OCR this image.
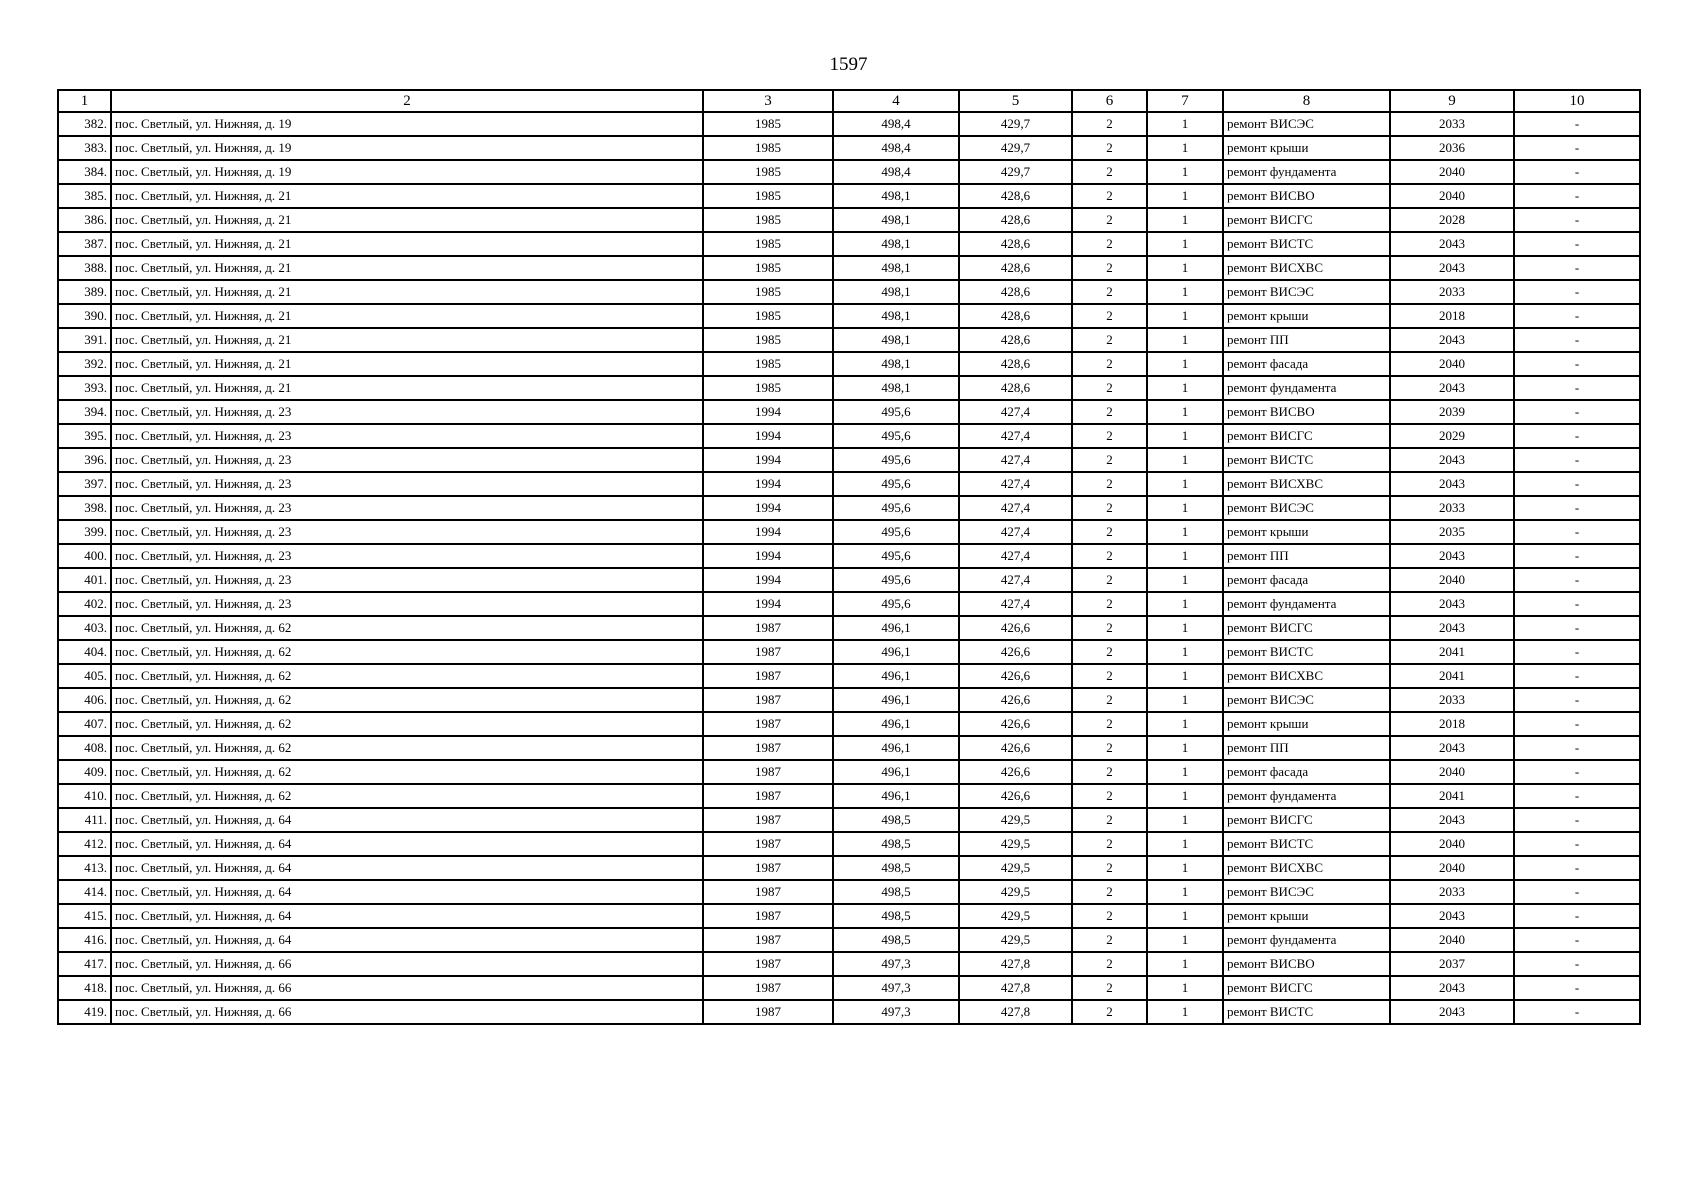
1597
1	2	3	4	5	6	7	8	9	10
382.	пос. Светлый, ул. Нижняя, д. 19	1985	498,4	429,7	2	1	ремонт ВИСЭС	2033	-
383.	пос. Светлый, ул. Нижняя, д. 19	1985	498,4	429,7	2	1	ремонт крыши	2036	-
384.	пос. Светлый, ул. Нижняя, д. 19	1985	498,4	429,7	2	1	ремонт фундамента	2040	-
385.	пос. Светлый, ул. Нижняя, д. 21	1985	498,1	428,6	2	1	ремонт ВИСВО	2040	-
386.	пос. Светлый, ул. Нижняя, д. 21	1985	498,1	428,6	2	1	ремонт ВИСГС	2028	-
387.	пос. Светлый, ул. Нижняя, д. 21	1985	498,1	428,6	2	1	ремонт ВИСТС	2043	-
388.	пос. Светлый, ул. Нижняя, д. 21	1985	498,1	428,6	2	1	ремонт ВИСХВС	2043	-
389.	пос. Светлый, ул. Нижняя, д. 21	1985	498,1	428,6	2	1	ремонт ВИСЭС	2033	-
390.	пос. Светлый, ул. Нижняя, д. 21	1985	498,1	428,6	2	1	ремонт крыши	2018	-
391.	пос. Светлый, ул. Нижняя, д. 21	1985	498,1	428,6	2	1	ремонт ПП	2043	-
392.	пос. Светлый, ул. Нижняя, д. 21	1985	498,1	428,6	2	1	ремонт фасада	2040	-
393.	пос. Светлый, ул. Нижняя, д. 21	1985	498,1	428,6	2	1	ремонт фундамента	2043	-
394.	пос. Светлый, ул. Нижняя, д. 23	1994	495,6	427,4	2	1	ремонт ВИСВО	2039	-
395.	пос. Светлый, ул. Нижняя, д. 23	1994	495,6	427,4	2	1	ремонт ВИСГС	2029	-
396.	пос. Светлый, ул. Нижняя, д. 23	1994	495,6	427,4	2	1	ремонт ВИСТС	2043	-
397.	пос. Светлый, ул. Нижняя, д. 23	1994	495,6	427,4	2	1	ремонт ВИСХВС	2043	-
398.	пос. Светлый, ул. Нижняя, д. 23	1994	495,6	427,4	2	1	ремонт ВИСЭС	2033	-
399.	пос. Светлый, ул. Нижняя, д. 23	1994	495,6	427,4	2	1	ремонт крыши	2035	-
400.	пос. Светлый, ул. Нижняя, д. 23	1994	495,6	427,4	2	1	ремонт ПП	2043	-
401.	пос. Светлый, ул. Нижняя, д. 23	1994	495,6	427,4	2	1	ремонт фасада	2040	-
402.	пос. Светлый, ул. Нижняя, д. 23	1994	495,6	427,4	2	1	ремонт фундамента	2043	-
403.	пос. Светлый, ул. Нижняя, д. 62	1987	496,1	426,6	2	1	ремонт ВИСГС	2043	-
404.	пос. Светлый, ул. Нижняя, д. 62	1987	496,1	426,6	2	1	ремонт ВИСТС	2041	-
405.	пос. Светлый, ул. Нижняя, д. 62	1987	496,1	426,6	2	1	ремонт ВИСХВС	2041	-
406.	пос. Светлый, ул. Нижняя, д. 62	1987	496,1	426,6	2	1	ремонт ВИСЭС	2033	-
407.	пос. Светлый, ул. Нижняя, д. 62	1987	496,1	426,6	2	1	ремонт крыши	2018	-
408.	пос. Светлый, ул. Нижняя, д. 62	1987	496,1	426,6	2	1	ремонт ПП	2043	-
409.	пос. Светлый, ул. Нижняя, д. 62	1987	496,1	426,6	2	1	ремонт фасада	2040	-
410.	пос. Светлый, ул. Нижняя, д. 62	1987	496,1	426,6	2	1	ремонт фундамента	2041	-
411.	пос. Светлый, ул. Нижняя, д. 64	1987	498,5	429,5	2	1	ремонт ВИСГС	2043	-
412.	пос. Светлый, ул. Нижняя, д. 64	1987	498,5	429,5	2	1	ремонт ВИСТС	2040	-
413.	пос. Светлый, ул. Нижняя, д. 64	1987	498,5	429,5	2	1	ремонт ВИСХВС	2040	-
414.	пос. Светлый, ул. Нижняя, д. 64	1987	498,5	429,5	2	1	ремонт ВИСЭС	2033	-
415.	пос. Светлый, ул. Нижняя, д. 64	1987	498,5	429,5	2	1	ремонт крыши	2043	-
416.	пос. Светлый, ул. Нижняя, д. 64	1987	498,5	429,5	2	1	ремонт фундамента	2040	-
417.	пос. Светлый, ул. Нижняя, д. 66	1987	497,3	427,8	2	1	ремонт ВИСВО	2037	-
418.	пос. Светлый, ул. Нижняя, д. 66	1987	497,3	427,8	2	1	ремонт ВИСГС	2043	-
419.	пос. Светлый, ул. Нижняя, д. 66	1987	497,3	427,8	2	1	ремонт ВИСТС	2043	-
